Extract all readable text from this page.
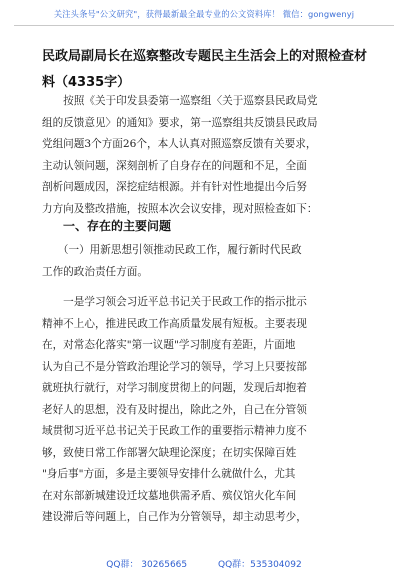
关注头条号"公文研究"，获得最新最全最专业的公文资料库！ 微信：gongwenyj
民政局副局长在巡察整改专题民主生活会上的对照检查材
料（4335字）
　　按照《关于印发县委第一巡察组〈关于巡察县民政局党
组的反馈意见〉的通知》要求，第一巡察组共反馈县民政局
党组问题3个方面26个，本人认真对照巡察反馈有关要求，
主动认领问题，深刻剖析了自身存在的问题和不足，全面
剖析问题成因，深挖症结根源。并有针对性地提出今后努
力方向及整改措施，按照本次会议安排，现对照检查如下：
一、存在的主要问题
　　（一）用新思想引领推动民政工作，履行新时代民政
工作的政治责任方面。
　　一是学习领会习近平总书记关于民政工作的指示批示
精神不上心，推进民政工作高质量发展有短板。主要表现
在，对常态化落实"第一议题"学习制度有差距，片面地
认为自己不是分管政治理论学习的领导，学习上只要按部
就班执行就行，对学习制度贯彻上的问题，发现后却抱着
老好人的思想，没有及时提出，除此之外，自己在分管领
域贯彻习近平总书记关于民政工作的重要指示精神力度不
够，致使日常工作部署欠缺理论深度；在切实保障百姓
"身后事"方面，多是主要领导安排什么就做什么，尤其
在对东部新城建设迁坟墓地供需矛盾、殡仪馆火化车间
建设滞后等问题上，自己作为分管领导，却主动思考少，
QQ群： 30265665	QQ群：535304092
